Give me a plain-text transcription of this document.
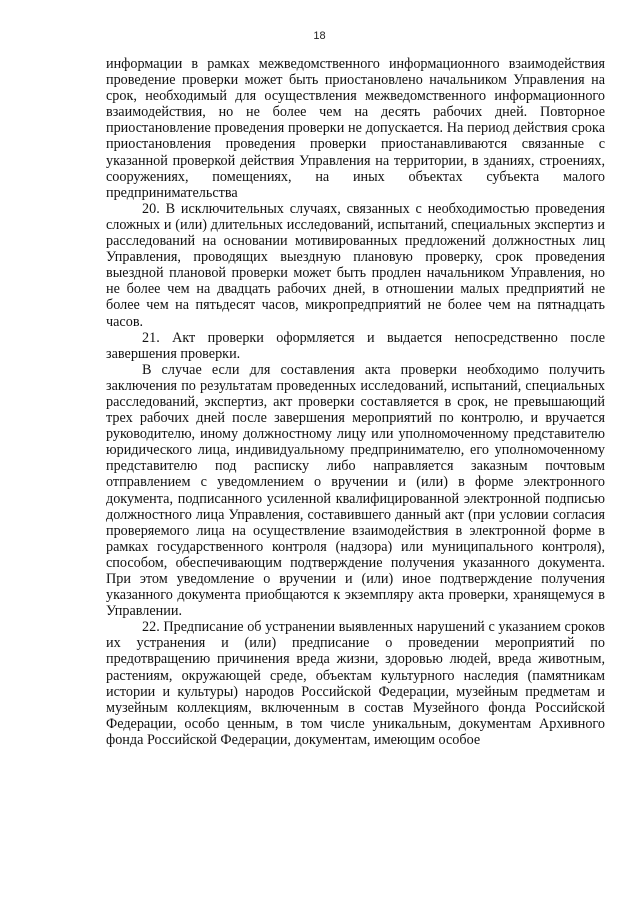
18

информации в рамках межведомственного информационного взаимодействия проведение проверки может быть приостановлено начальником Управления на срок, необходимый для осуществления межведомственного информационного взаимодействия, но не более чем на десять рабочих дней. Повторное приостановление проведения проверки не допускается. На период действия срока приостановления проведения проверки приостанавливаются связанные с указанной проверкой действия Управления на территории, в зданиях, строениях, сооружениях, помещениях, на иных объектах субъекта малого предпринимательства

20. В исключительных случаях, связанных с необходимостью проведения сложных и (или) длительных исследований, испытаний, специальных экспертиз и расследований на основании мотивированных предложений должностных лиц Управления, проводящих выездную плановую проверку, срок проведения выездной плановой проверки может быть продлен начальником Управления, но не более чем на двадцать рабочих дней, в отношении малых предприятий не более чем на пятьдесят часов, микропредприятий не более чем на пятнадцать часов.

21. Акт проверки оформляется и выдается непосредственно после завершения проверки.

В случае если для составления акта проверки необходимо получить заключения по результатам проведенных исследований, испытаний, специальных расследований, экспертиз, акт проверки составляется в срок, не превышающий трех рабочих дней после завершения мероприятий по контролю, и вручается руководителю, иному должностному лицу или уполномоченному представителю юридического лица, индивидуальному предпринимателю, его уполномоченному представителю под расписку либо направляется заказным почтовым отправлением с уведомлением о вручении и (или) в форме электронного документа, подписанного усиленной квалифицированной электронной подписью должностного лица Управления, составившего данный акт (при условии согласия проверяемого лица на осуществление взаимодействия в электронной форме в рамках государственного контроля (надзора) или муниципального контроля), способом, обеспечивающим подтверждение получения указанного документа. При этом уведомление о вручении и (или) иное подтверждение получения указанного документа приобщаются к экземпляру акта проверки, хранящемуся в Управлении.

22. Предписание об устранении выявленных нарушений с указанием сроков их устранения и (или) предписание о проведении мероприятий по предотвращению причинения вреда жизни, здоровью людей, вреда животным, растениям, окружающей среде, объектам культурного наследия (памятникам истории и культуры) народов Российской Федерации, музейным предметам и музейным коллекциям, включенным в состав Музейного фонда Российской Федерации, особо ценным, в том числе уникальным, документам Архивного фонда Российской Федерации, документам, имеющим особое
